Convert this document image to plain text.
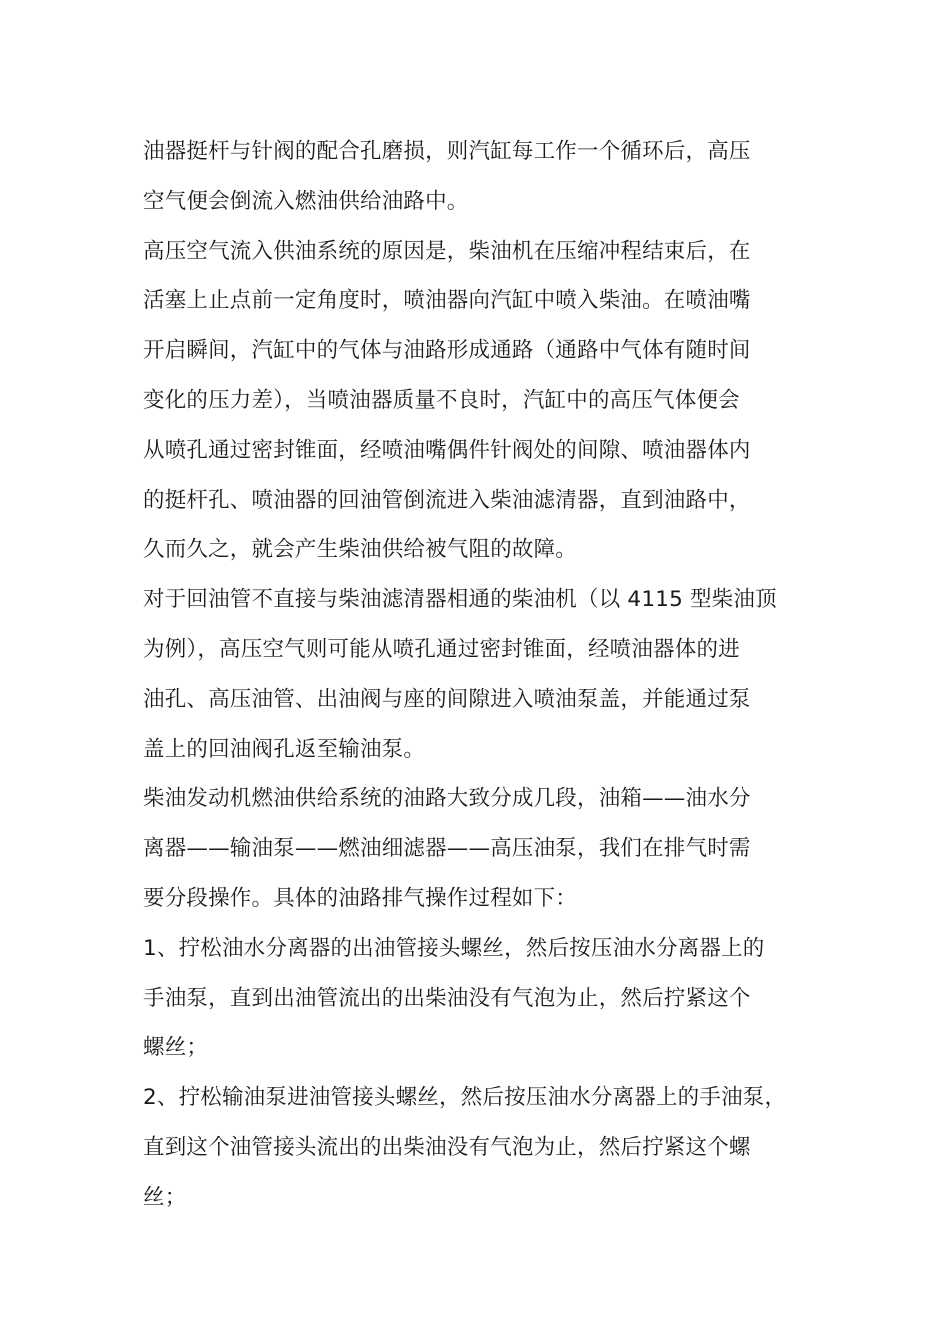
油器挺杆与针阀的配合孔磨损，则汽缸每工作一个循环后，高压
空气便会倒流入燃油供给油路中。
高压空气流入供油系统的原因是，柴油机在压缩冲程结束后，在
活塞上止点前一定角度时，喷油器向汽缸中喷入柴油。在喷油嘴
开启瞬间，汽缸中的气体与油路形成通路（通路中气体有随时间
变化的压力差），当喷油器质量不良时，汽缸中的高压气体便会
从喷孔通过密封锥面，经喷油嘴偶件针阀处的间隙、喷油器体内
的挺杆孔、喷油器的回油管倒流进入柴油滤清器，直到油路中，
久而久之，就会产生柴油供给被气阻的故障。
对于回油管不直接与柴油滤清器相通的柴油机（以 4115 型柴油顶
为例），高压空气则可能从喷孔通过密封锥面，经喷油器体的进
油孔、高压油管、出油阀与座的间隙进入喷油泵盖，并能通过泵
盖上的回油阀孔返至输油泵。
柴油发动机燃油供给系统的油路大致分成几段，油箱——油水分
离器——输油泵——燃油细滤器——高压油泵，我们在排气时需
要分段操作。具体的油路排气操作过程如下：
1、拧松油水分离器的出油管接头螺丝，然后按压油水分离器上的
手油泵，直到出油管流出的出柴油没有气泡为止，然后拧紧这个
螺丝；
2、拧松输油泵进油管接头螺丝，然后按压油水分离器上的手油泵，
直到这个油管接头流出的出柴油没有气泡为止，然后拧紧这个螺
丝；
